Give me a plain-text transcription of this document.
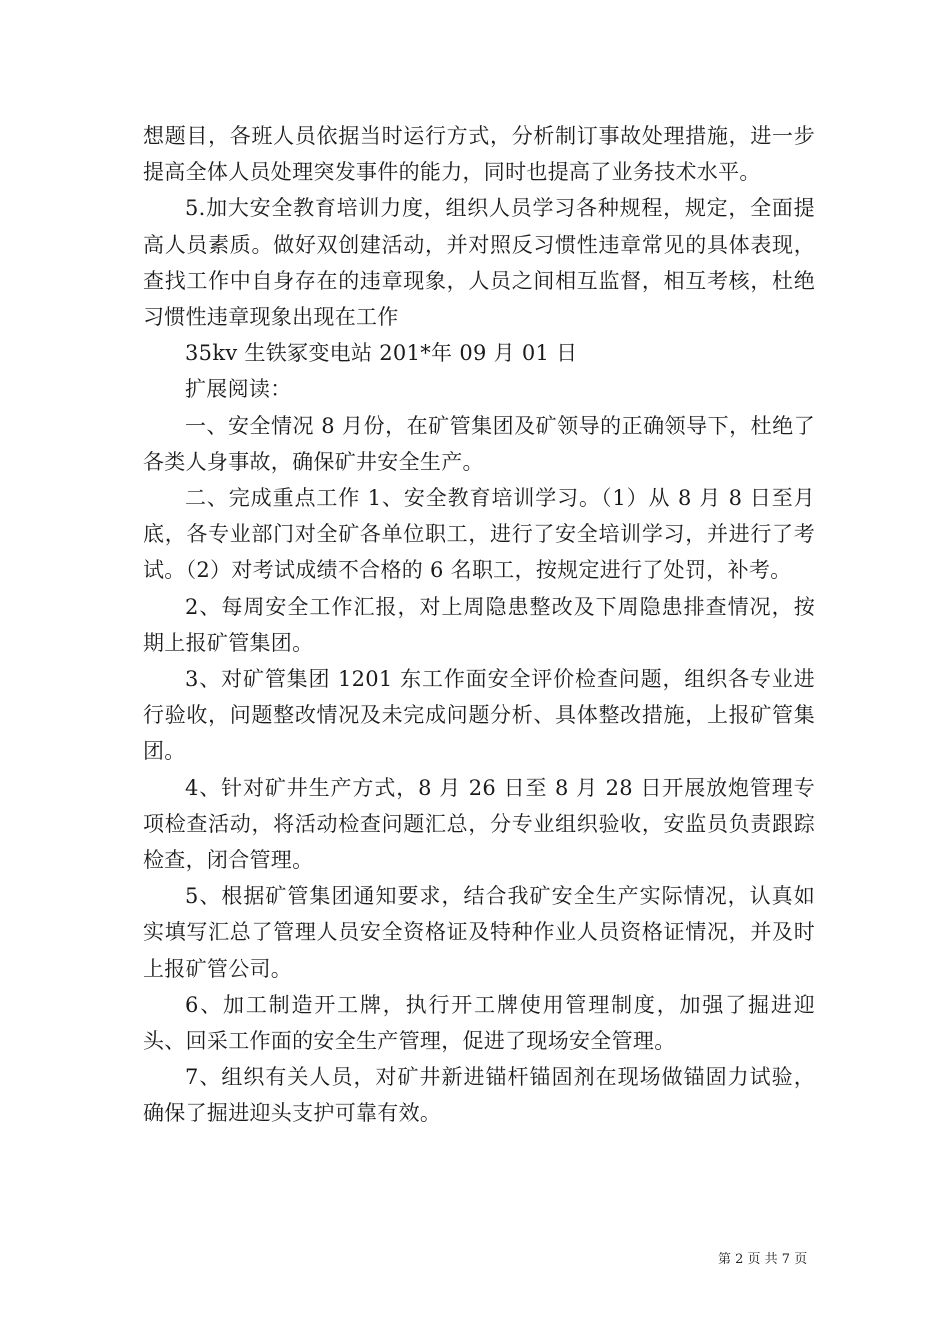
想题目，各班人员依据当时运行方式，分析制订事故处理措施，进一步提高全体人员处理突发事件的能力，同时也提高了业务技术水平。

5.加大安全教育培训力度，组织人员学习各种规程，规定，全面提高人员素质。做好双创建活动，并对照反习惯性违章常见的具体表现，查找工作中自身存在的违章现象，人员之间相互监督，相互考核，杜绝习惯性违章现象出现在工作

35kv 生铁冢变电站 201*年 09 月 01 日

扩展阅读：

一、安全情况 8 月份，在矿管集团及矿领导的正确领导下，杜绝了各类人身事故，确保矿井安全生产。

二、完成重点工作 1、安全教育培训学习。（1）从 8 月 8 日至月底，各专业部门对全矿各单位职工，进行了安全培训学习，并进行了考试。（2）对考试成绩不合格的 6 名职工，按规定进行了处罚，补考。

2、每周安全工作汇报，对上周隐患整改及下周隐患排查情况，按期上报矿管集团。

3、对矿管集团 1201 东工作面安全评价检查问题，组织各专业进行验收，问题整改情况及未完成问题分析、具体整改措施，上报矿管集团。

4、针对矿井生产方式，8 月 26 日至 8 月 28 日开展放炮管理专项检查活动，将活动检查问题汇总，分专业组织验收，安监员负责跟踪检查，闭合管理。

5、根据矿管集团通知要求，结合我矿安全生产实际情况，认真如实填写汇总了管理人员安全资格证及特种作业人员资格证情况，并及时上报矿管公司。

6、加工制造开工牌，执行开工牌使用管理制度，加强了掘进迎头、回采工作面的安全生产管理，促进了现场安全管理。

7、组织有关人员，对矿井新进锚杆锚固剂在现场做锚固力试验，确保了掘进迎头支护可靠有效。

第 2 页 共 7 页
